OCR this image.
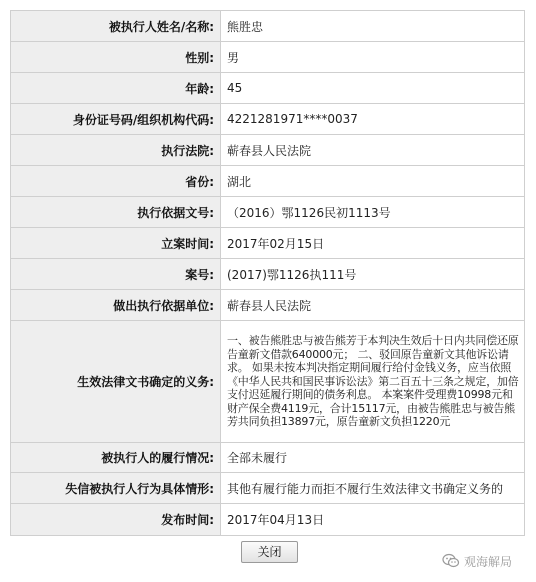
被执行人姓名/名称:	熊胜忠
性别:	男
年龄:	45
身份证号码/组织机构代码:	4221281971****0037
执行法院:	蕲春县人民法院
省份:	湖北
执行依据文号:	（2016）鄂1126民初1113号
立案时间:	2017年02月15日
案号:	(2017)鄂1126执111号
做出执行依据单位:	蕲春县人民法院
生效法律文书确定的义务:	一、被告熊胜忠与被告熊芳于本判决生效后十日内共同偿还原告童新文借款640000元； 二、驳回原告童新文其他诉讼请求。 如果未按本判决指定期间履行给付金钱义务，应当依照《中华人民共和国民事诉讼法》第二百五十三条之规定，加倍支付迟延履行期间的债务利息。 本案案件受理费10998元和财产保全费4119元，合计15117元，由被告熊胜忠与被告熊芳共同负担13897元，原告童新文负担1220元
被执行人的履行情况:	全部未履行
失信被执行人行为具体情形:	其他有履行能力而拒不履行生效法律文书确定义务的
发布时间:	2017年04月13日
关闭
观海解局
